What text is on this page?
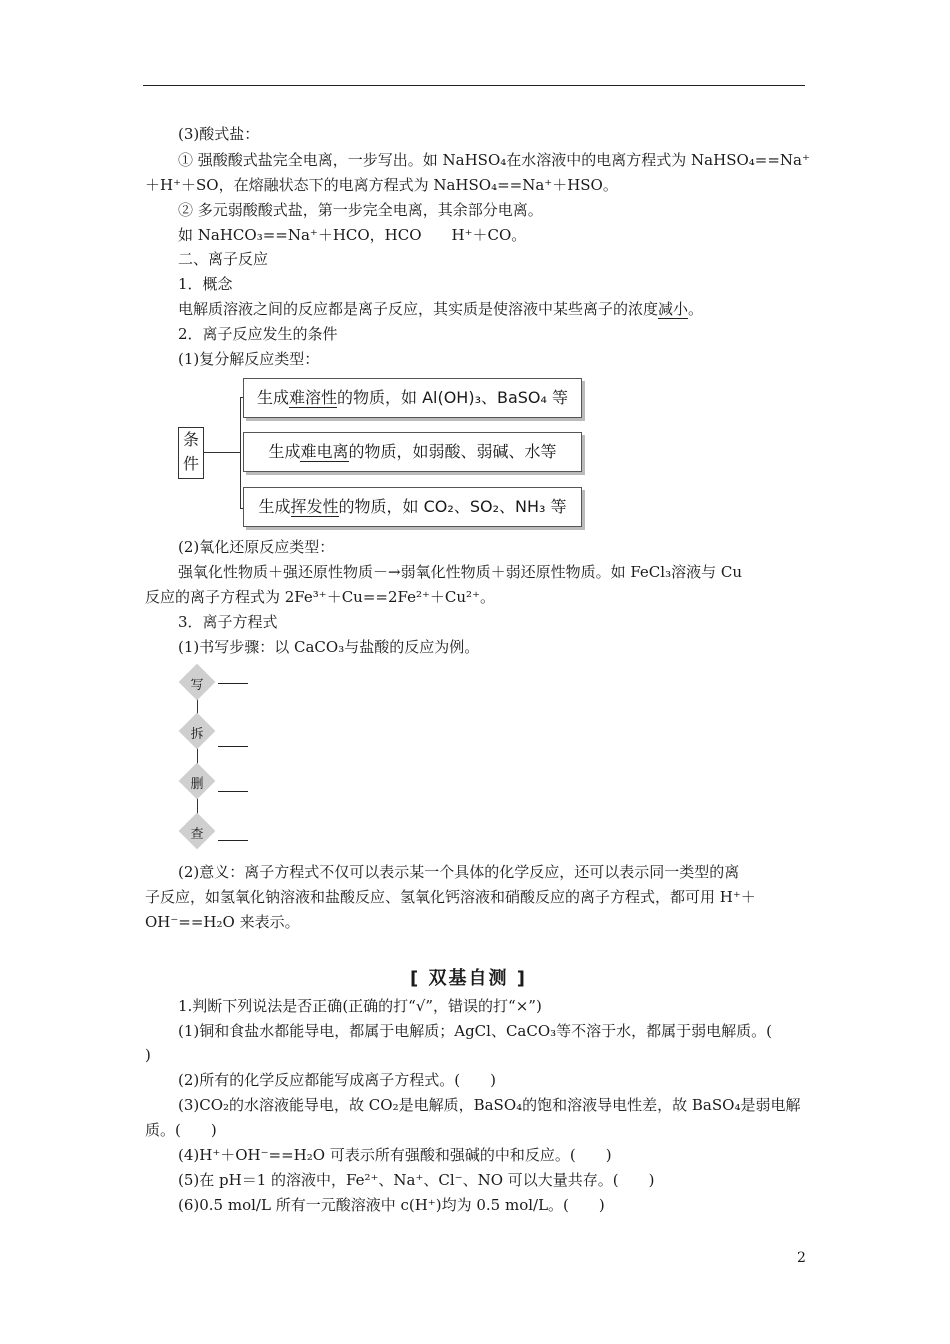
(3)酸式盐：
① 强酸酸式盐完全电离，一步写出。如 NaHSO₄在水溶液中的电离方程式为 NaHSO₄==Na⁺
＋H⁺＋SO，在熔融状态下的电离方程式为 NaHSO₄==Na⁺＋HSO。
② 多元弱酸酸式盐，第一步完全电离，其余部分电离。
如 NaHCO₃==Na⁺＋HCO，HCO　　H⁺＋CO。
二、离子反应
1．概念
电解质溶液之间的反应都是离子反应，其实质是使溶液中某些离子的浓度减小。
2．离子反应发生的条件
(1)复分解反应类型：
条
件
生成难溶性的物质，如 Al(OH)₃、BaSO₄ 等
生成难电离的物质，如弱酸、弱碱、水等
生成挥发性的物质，如 CO₂、SO₂、NH₃ 等
(2)氧化还原反应类型：
强氧化性物质＋强还原性物质－→弱氧化性物质＋弱还原性物质。如 FeCl₃溶液与 Cu
反应的离子方程式为 2Fe³⁺＋Cu==2Fe²⁺＋Cu²⁺。
3．离子方程式
(1)书写步骤：以 CaCO₃与盐酸的反应为例。
写
拆
删
查
(2)意义：离子方程式不仅可以表示某一个具体的化学反应，还可以表示同一类型的离
子反应，如氢氧化钠溶液和盐酸反应、氢氧化钙溶液和硝酸反应的离子方程式，都可用 H⁺＋
OH⁻==H₂O 来表示。
[ 双基自测 ]
1.判断下列说法是否正确(正确的打“√”，错误的打“×”)
(1)铜和食盐水都能导电，都属于电解质；AgCl、CaCO₃等不溶于水，都属于弱电解质。(
)
(2)所有的化学反应都能写成离子方程式。(　　)
(3)CO₂的水溶液能导电，故 CO₂是电解质，BaSO₄的饱和溶液导电性差，故 BaSO₄是弱电解
质。(　　)
(4)H⁺＋OH⁻==H₂O 可表示所有强酸和强碱的中和反应。(　　)
(5)在 pH＝1 的溶液中，Fe²⁺、Na⁺、Cl⁻、NO 可以大量共存。(　　)
(6)0.5 mol/L 所有一元酸溶液中 c(H⁺)均为 0.5 mol/L。(　　)
2
